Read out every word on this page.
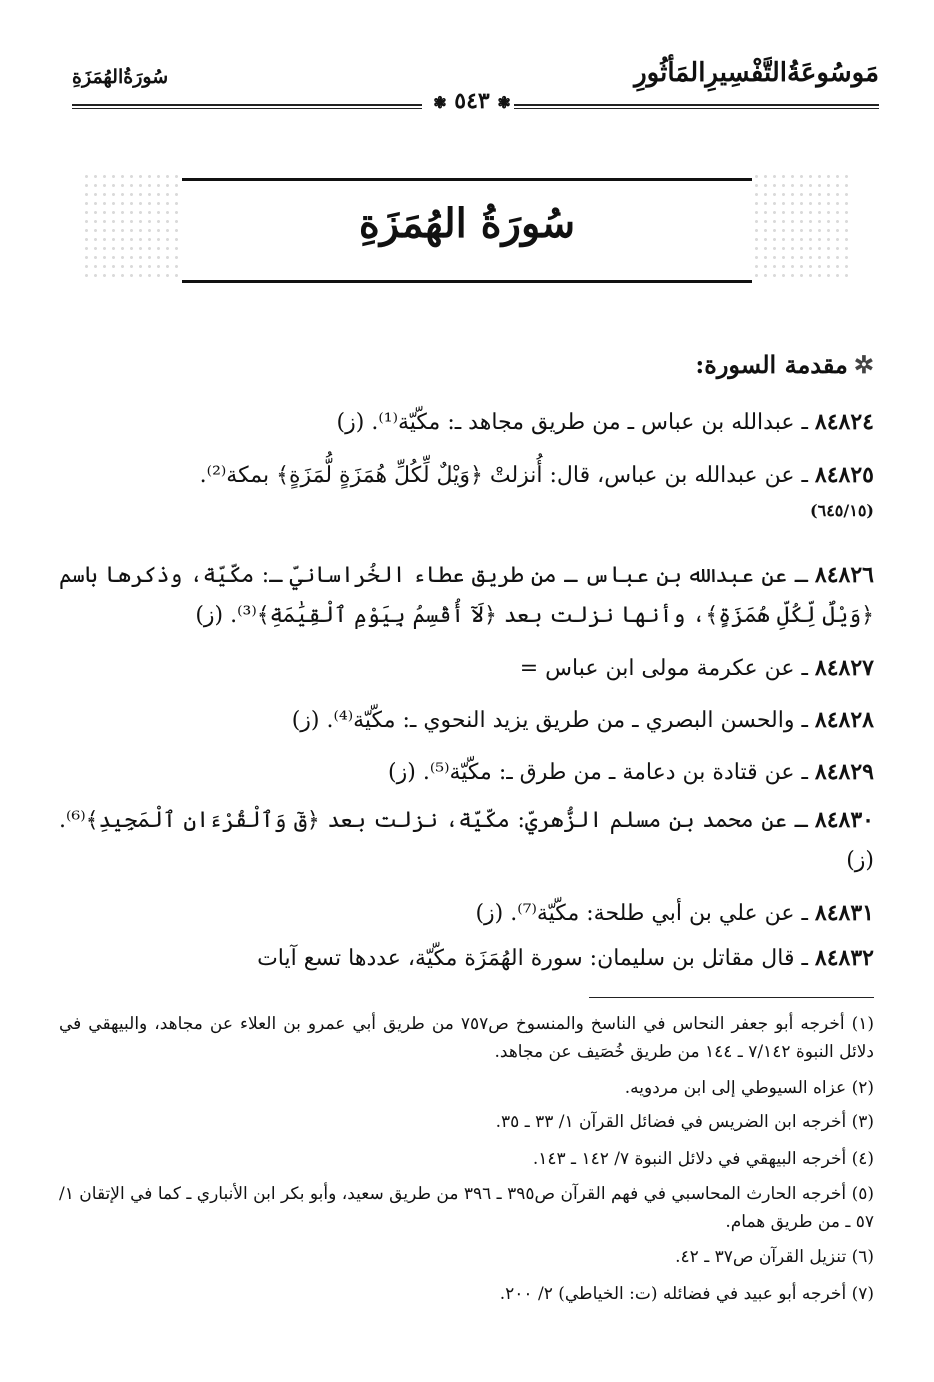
مَوسُوعَةُالتَّفْسِيرِالمَأثُورِ
سُورَةُالهُمَزَةِ
❃ ٥٤٣ ❃
سُورَةُ الهُمَزَةِ
✲مقدمة السورة:
٨٤٨٢٤ ـ عبدالله بن عباس ـ من طريق مجاهد ـ: مكّيّة⁽¹⁾. (ز)
٨٤٨٢٥ ـ عن عبدالله بن عباس، قال: أُنزلتْ ﴿وَيْلٌ لِّكُلِّ هُمَزَةٍ لُّمَزَةٍ﴾ بمكة⁽²⁾.
(٦٤٥/١٥)
٨٤٨٢٦ ـ عن عبدالله بن عباس ـ من طريق عطاء الخُراسانيّ ـ: مكّيّة، وذكرها باسم ﴿وَيْلٌ لِّكُلِّ هُمَزَةٍ﴾، وأنها نزلت بعد ﴿لَآ أُقْسِمُ بِيَوْمِ ٱلْقِيَٰمَةِ﴾⁽³⁾. (ز)
٨٤٨٢٧ ـ عن عكرمة مولى ابن عباس =
٨٤٨٢٨ ـ والحسن البصري ـ من طريق يزيد النحوي ـ: مكّيّة⁽⁴⁾. (ز)
٨٤٨٢٩ ـ عن قتادة بن دعامة ـ من طرق ـ: مكّيّة⁽⁵⁾. (ز)
٨٤٨٣٠ ـ عن محمد بن مسلم الزُّهريّ: مكّيّة، نزلت بعد ﴿قٓ وَٱلْقُرْءَانِ ٱلْمَجِيدِ﴾⁽⁶⁾. (ز)
٨٤٨٣١ ـ عن علي بن أبي طلحة: مكّيّة⁽⁷⁾. (ز)
٨٤٨٣٢ ـ قال مقاتل بن سليمان: سورة الهُمَزَة مكّيّة، عددها تسع آيات
(١) أخرجه أبو جعفر النحاس في الناسخ والمنسوخ ص٧٥٧ من طريق أبي عمرو بن العلاء عن مجاهد، والبيهقي في دلائل النبوة ٧/١٤٢ ـ ١٤٤ من طريق خُصَيف عن مجاهد.
(٢) عزاه السيوطي إلى ابن مردويه.
(٣) أخرجه ابن الضريس في فضائل القرآن ١/ ٣٣ ـ ٣٥.
(٤) أخرجه البيهقي في دلائل النبوة ٧/ ١٤٢ ـ ١٤٣.
(٥) أخرجه الحارث المحاسبي في فهم القرآن ص٣٩٥ ـ ٣٩٦ من طريق سعيد، وأبو بكر ابن الأنباري ـ كما في الإتقان ١/ ٥٧ ـ من طريق همام.
(٦) تنزيل القرآن ص٣٧ ـ ٤٢.
(٧) أخرجه أبو عبيد في فضائله (ت: الخياطي) ٢/ ٢٠٠.
